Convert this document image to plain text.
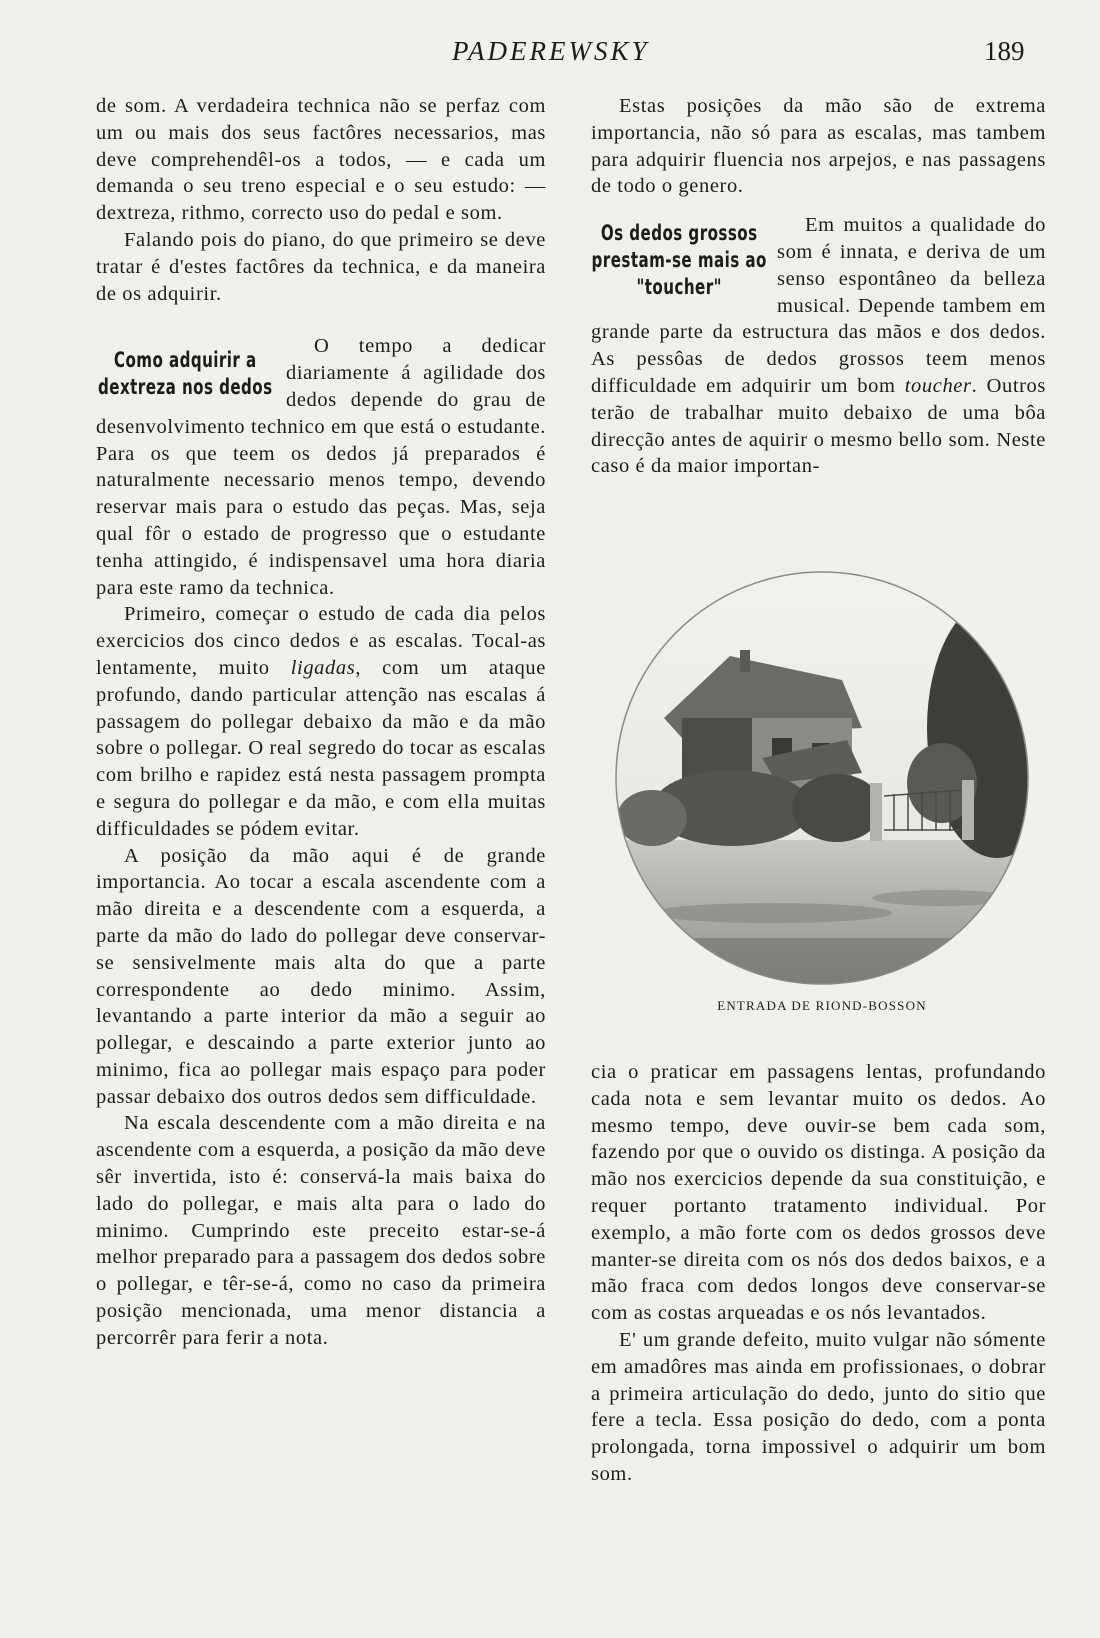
PADEREWSKY	189

de som. A verdadeira technica não se perfaz com um ou mais dos seus factôres necessarios, mas deve comprehendêl-os a todos, — e cada um demanda o seu treno especial e o seu estudo: — dextreza, rithmo, correcto uso do pedal e som.

Falando pois do piano, do que primeiro se deve tratar é d'estes factôres da technica, e da maneira de os adquirir.

Como adquirir a dextreza nos dedos

O tempo a dedicar diariamente á agilidade dos dedos depende do grau de desenvolvimento technico em que está o estudante. Para os que teem os dedos já preparados é naturalmente necessario menos tempo, devendo reservar mais para o estudo das peças. Mas, seja qual fôr o estado de progresso que o estudante tenha attingido, é indispensavel uma hora diaria para este ramo da technica.

Primeiro, começar o estudo de cada dia pelos exercicios dos cinco dedos e as escalas. Tocal-as lentamente, muito ligadas, com um ataque profundo, dando particular attenção nas escalas á passagem do pollegar debaixo da mão e da mão sobre o pollegar. O real segredo do tocar as escalas com brilho e rapidez está nesta passagem prompta e segura do pollegar e da mão, e com ella muitas difficuldades se pódem evitar.

A posição da mão aqui é de grande importancia. Ao tocar a escala ascendente com a mão direita e a descendente com a esquerda, a parte da mão do lado do pollegar deve conservar-se sensivelmente mais alta do que a parte correspondente ao dedo minimo. Assim, levantando a parte interior da mão a seguir ao pollegar, e descaindo a parte exterior junto ao minimo, fica ao pollegar mais espaço para poder passar debaixo dos outros dedos sem difficuldade.

Na escala descendente com a mão direita e na ascendente com a esquerda, a posição da mão deve sêr invertida, isto é: conservá-la mais baixa do lado do pollegar, e mais alta para o lado do minimo. Cumprindo este preceito estar-se-á melhor preparado para a passagem dos dedos sobre o pollegar, e têr-se-á, como no caso da primeira posição mencionada, uma menor distancia a percorrêr para ferir a nota.

Estas posições da mão são de extrema importancia, não só para as escalas, mas tambem para adquirir fluencia nos arpejos, e nas passagens de todo o genero.

Os dedos grossos prestam-se mais ao "toucher"

Em muitos a qualidade do som é innata, e deriva de um senso espontâneo da belleza musical. Depende tambem em grande parte da estructura das mãos e dos dedos. As pessôas de dedos grossos teem menos difficuldade em adquirir um bom toucher. Outros terão de trabalhar muito debaixo de uma bôa direcção antes de aquirir o mesmo bello som. Neste caso é da maior importan-

ENTRADA DE RIOND-BOSSON

cia o praticar em passagens lentas, profundando cada nota e sem levantar muito os dedos. Ao mesmo tempo, deve ouvir-se bem cada som, fazendo por que o ouvido os distinga. A posição da mão nos exercicios depende da sua constituição, e requer portanto tratamento individual. Por exemplo, a mão forte com os dedos grossos deve manter-se direita com os nós dos dedos baixos, e a mão fraca com dedos longos deve conservar-se com as costas arqueadas e os nós levantados.

E' um grande defeito, muito vulgar não sómente em amadôres mas ainda em profissionaes, o dobrar a primeira articulação do dedo, junto do sitio que fere a tecla. Essa posição do dedo, com a ponta prolongada, torna impossivel o adquirir um bom som.
